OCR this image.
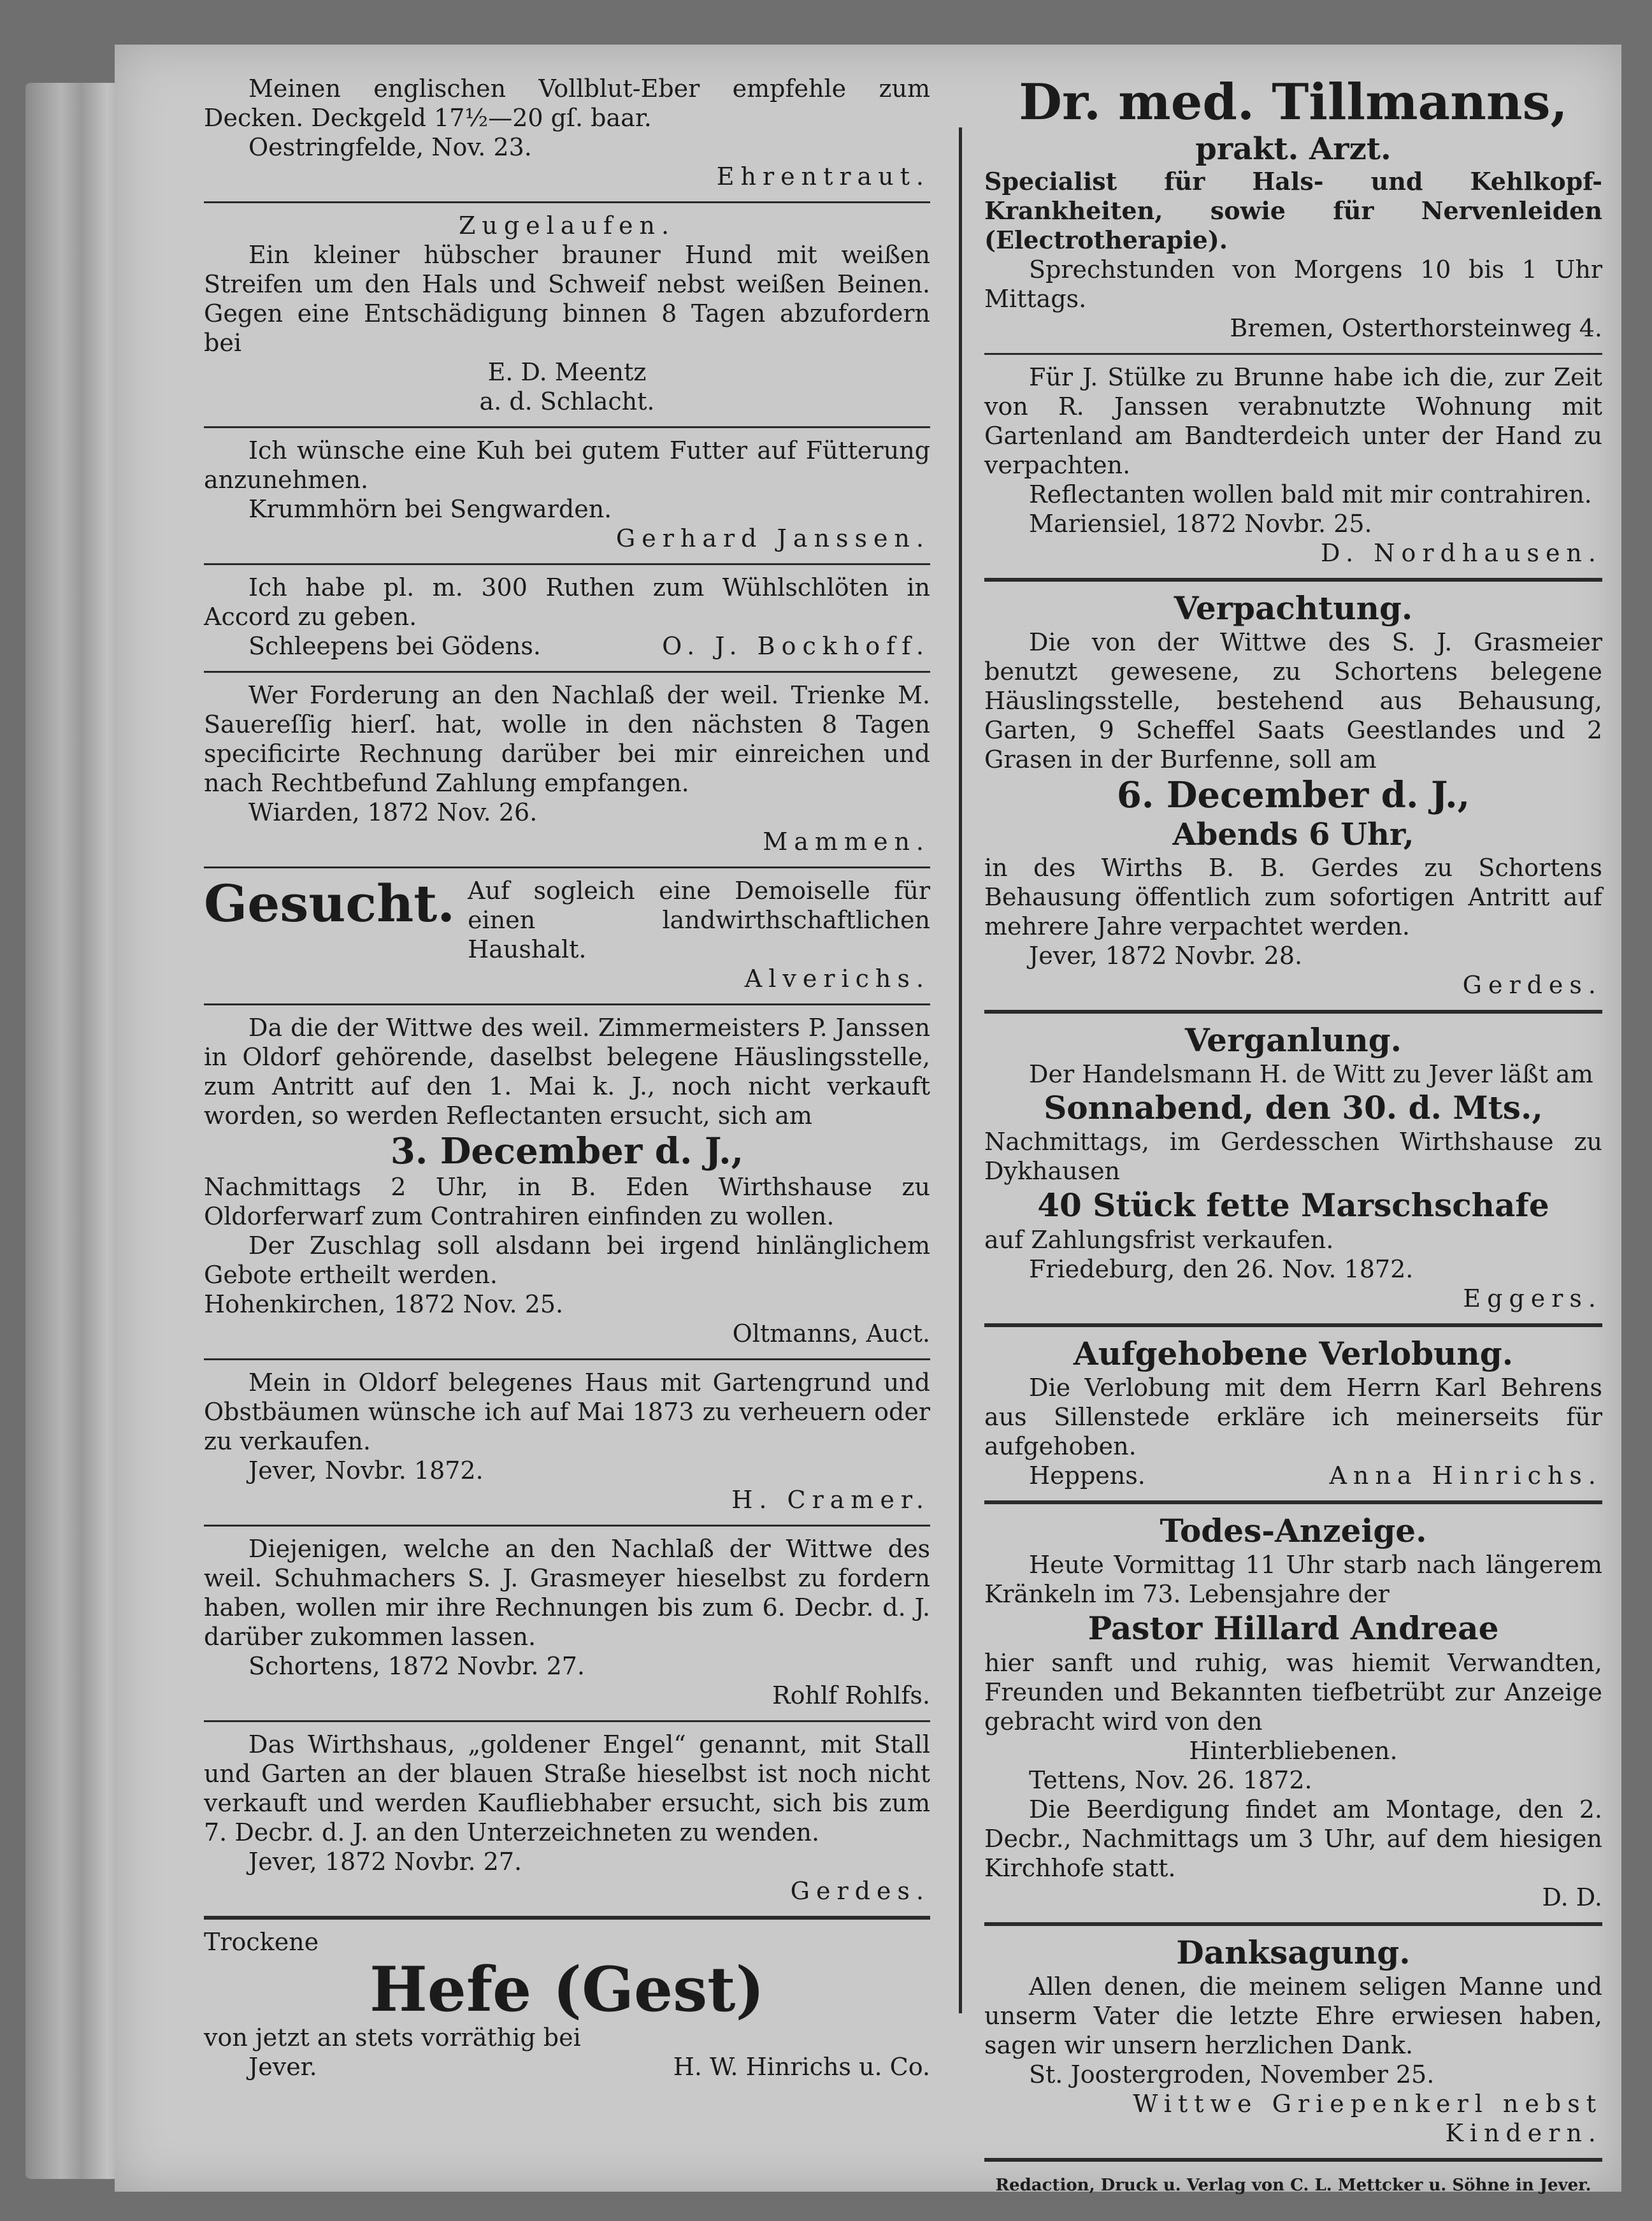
Meinen englischen Vollblut-Eber empfehle zum Decken. Deckgeld 17½—20 gſ. baar.

Oestringfelde, Nov. 23.

Ehrentraut.

Zugelaufen.

Ein kleiner hübscher brauner Hund mit weißen Streifen um den Hals und Schweif nebst weißen Beinen. Gegen eine Entschädigung binnen 8 Tagen abzufordern bei

E. D. Meentz

a. d. Schlacht.

Ich wünsche eine Kuh bei gutem Futter auf Fütterung anzunehmen.

Krummhörn bei Sengwarden.

Gerhard Janssen.

Ich habe pl. m. 300 Ruthen zum Wühlschlöten in Accord zu geben.

Schleepens bei Gödens.	O. J. Bockhoff.

Wer Forderung an den Nachlaß der weil. Trienke M. Sauereſſig hierſ. hat, wolle in den nächsten 8 Tagen specificirte Rechnung darüber bei mir einreichen und nach Rechtbefund Zahlung empfangen.

Wiarden, 1872 Nov. 26.

Mammen.

Gesucht. Auf sogleich eine Demoiselle für einen landwirthschaftlichen Haushalt.

Alverichs.

Da die der Wittwe des weil. Zimmermeisters P. Janssen in Oldorf gehörende, daselbst belegene Häuslingsstelle, zum Antritt auf den 1. Mai k. J., noch nicht verkauft worden, so werden Reflectanten ersucht, sich am

3. December d. J.,

Nachmittags 2 Uhr, in B. Eden Wirthshause zu Oldorferwarf zum Contrahiren einfinden zu wollen.

Der Zuschlag soll alsdann bei irgend hinlänglichem Gebote ertheilt werden.

Hohenkirchen, 1872 Nov. 25.

Oltmanns, Auct.

Mein in Oldorf belegenes Haus mit Gartengrund und Obstbäumen wünsche ich auf Mai 1873 zu verheuern oder zu verkaufen.

Jever, Novbr. 1872.

H. Cramer.

Diejenigen, welche an den Nachlaß der Wittwe des weil. Schuhmachers S. J. Grasmeyer hieselbst zu fordern haben, wollen mir ihre Rechnungen bis zum 6. Decbr. d. J. darüber zukommen lassen.

Schortens, 1872 Novbr. 27.

Rohlf Rohlfs.

Das Wirthshaus, „goldener Engel“ genannt, mit Stall und Garten an der blauen Straße hieselbst ist noch nicht verkauft und werden Kaufliebhaber ersucht, sich bis zum 7. Decbr. d. J. an den Unterzeichneten zu wenden.

Jever, 1872 Novbr. 27.

Gerdes.

Trockene

Hefe (Gest)

von jetzt an stets vorräthig bei

Jever.	H. W. Hinrichs u. Co.

Dr. med. Tillmanns,

prakt. Arzt.

Specialist für Hals- und Kehlkopf-Krankheiten, sowie für Nervenleiden (Electrotherapie).

Sprechstunden von Morgens 10 bis 1 Uhr Mittags.

Bremen, Osterthorsteinweg 4.

Für J. Stülke zu Brunne habe ich die, zur Zeit von R. Janssen verabnutzte Wohnung mit Gartenland am Bandterdeich unter der Hand zu verpachten.

Reflectanten wollen bald mit mir contrahiren.

Mariensiel, 1872 Novbr. 25.

D. Nordhausen.

Verpachtung.

Die von der Wittwe des S. J. Grasmeier benutzt gewesene, zu Schortens belegene Häuslingsstelle, bestehend aus Behausung, Garten, 9 Scheffel Saats Geestlandes und 2 Grasen in der Burfenne, soll am

6. December d. J.,

Abends 6 Uhr,

in des Wirths B. B. Gerdes zu Schortens Behausung öffentlich zum sofortigen Antritt auf mehrere Jahre verpachtet werden.

Jever, 1872 Novbr. 28.

Gerdes.

Verganlung.

Der Handelsmann H. de Witt zu Jever läßt am

Sonnabend, den 30. d. Mts.,

Nachmittags, im Gerdesschen Wirthshause zu Dykhausen

40 Stück fette Marschschafe

auf Zahlungsfrist verkaufen.

Friedeburg, den 26. Nov. 1872.

Eggers.

Aufgehobene Verlobung.

Die Verlobung mit dem Herrn Karl Behrens aus Sillenstede erkläre ich meinerseits für aufgehoben.

Heppens.	Anna Hinrichs.

Todes-Anzeige.

Heute Vormittag 11 Uhr starb nach längerem Kränkeln im 73. Lebensjahre der

Pastor Hillard Andreae

hier sanft und ruhig, was hiemit Verwandten, Freunden und Bekannten tiefbetrübt zur Anzeige gebracht wird von den

Hinterbliebenen.

Tettens, Nov. 26. 1872.

Die Beerdigung findet am Montage, den 2. Decbr., Nachmittags um 3 Uhr, auf dem hiesigen Kirchhofe statt.

D. D.

Danksagung.

Allen denen, die meinem seligen Manne und unserm Vater die letzte Ehre erwiesen haben, sagen wir unsern herzlichen Dank.

St. Joostergroden, November 25.

Wittwe Griepenkerl nebst Kindern.

Redaction, Druck u. Verlag von C. L. Mettcker u. Söhne in Jever.
